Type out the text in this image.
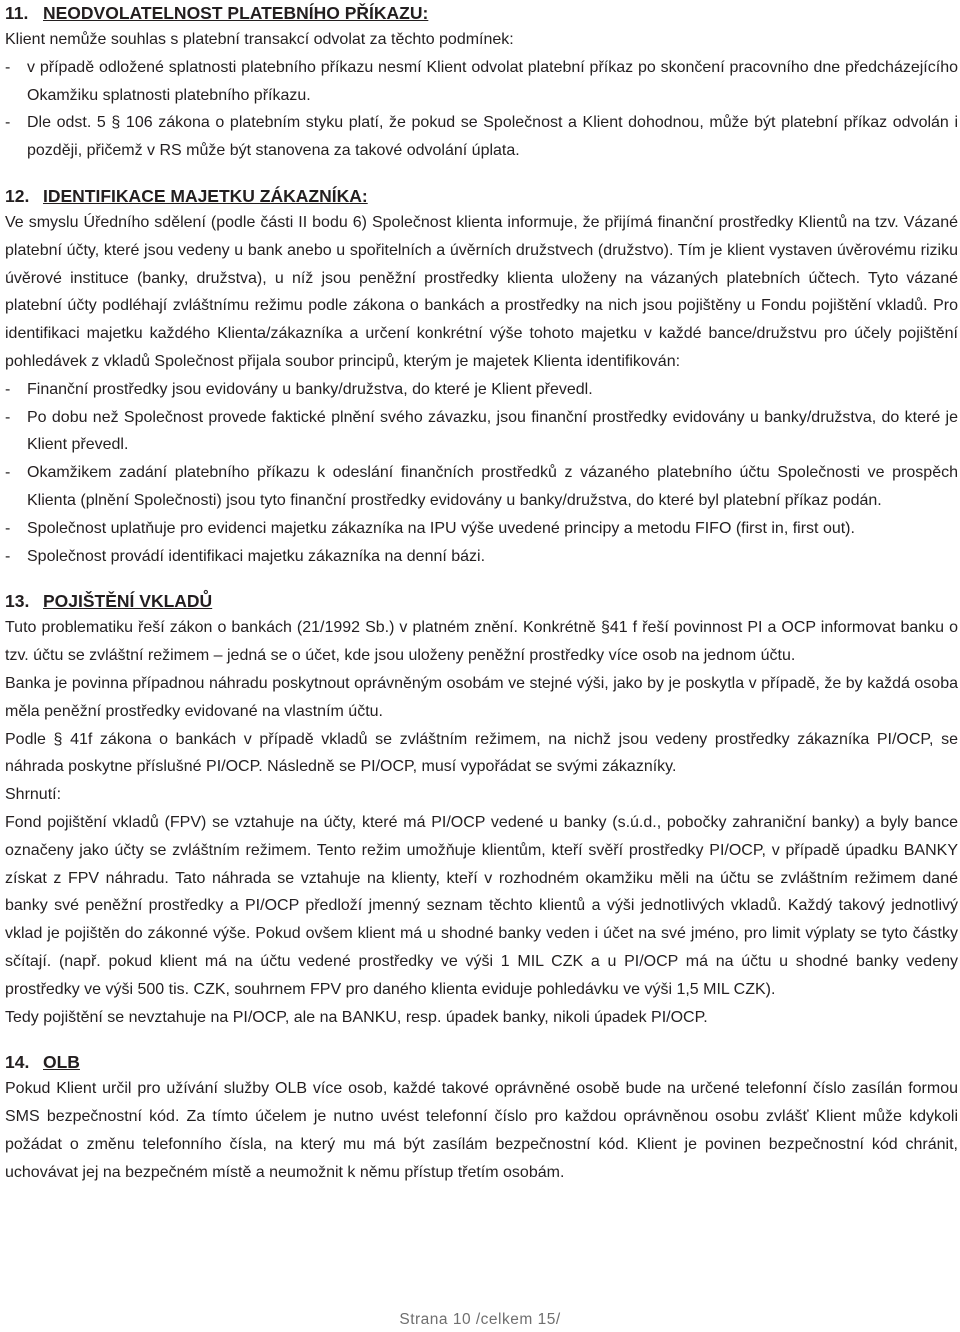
11. NEODVOLATELNOST PLATEBNÍHO PŘÍKAZU:

Klient nemůže souhlas s platební transakcí odvolat za těchto podmínek:

- v případě odložené splatnosti platebního příkazu nesmí Klient odvolat platební příkaz po skončení pracovního dne předcházejícího Okamžiku splatnosti platebního příkazu.
- Dle odst. 5 § 106 zákona o platebním styku platí, že pokud se Společnost a Klient dohodnou, může být platební příkaz odvolán i později, přičemž v RS může být stanovena za takové odvolání úplata.
12. IDENTIFIKACE MAJETKU ZÁKAZNÍKA:

Ve smyslu Úředního sdělení (podle části II bodu 6) Společnost klienta informuje, že přijímá finanční prostředky Klientů na tzv. Vázané platební účty, které jsou vedeny u bank anebo u spořitelních a úvěrních družstvech (družstvo). Tím je klient vystaven úvěrovému riziku úvěrové instituce (banky, družstva), u níž jsou peněžní prostředky klienta uloženy na vázaných platebních účtech. Tyto vázané platební účty podléhají zvláštnímu režimu podle zákona o bankách a prostředky na nich jsou pojištěny u Fondu pojištění vkladů. Pro identifikaci majetku každého Klienta/zákazníka a určení konkrétní výše tohoto majetku v každé bance/družstvu pro účely pojištění pohledávek z vkladů Společnost přijala soubor principů, kterým je majetek Klienta identifikován:

- Finanční prostředky jsou evidovány u banky/družstva, do které je Klient převedl.
- Po dobu než Společnost provede faktické plnění svého závazku, jsou finanční prostředky evidovány u banky/družstva, do které je Klient převedl.
- Okamžikem zadání platebního příkazu k odeslání finančních prostředků z vázaného platebního účtu Společnosti ve prospěch Klienta (plnění Společnosti) jsou tyto finanční prostředky evidovány u banky/družstva, do které byl platební příkaz podán.
- Společnost uplatňuje pro evidenci majetku zákazníka na IPU výše uvedené principy a metodu FIFO (first in, first out).
- Společnost provádí identifikaci majetku zákazníka na denní bázi.
13. POJIŠTĚNÍ VKLADŮ

Tuto problematiku řeší zákon o bankách (21/1992 Sb.) v platném znění. Konkrétně §41 f řeší povinnost PI a OCP informovat banku o tzv. účtu se zvláštní režimem – jedná se o účet, kde jsou uloženy peněžní prostředky více osob na jednom účtu.

Banka je povinna případnou náhradu poskytnout oprávněným osobám ve stejné výši, jako by je poskytla v případě, že by každá osoba měla peněžní prostředky evidované na vlastním účtu.

Podle § 41f zákona o bankách v případě vkladů se zvláštním režimem, na nichž jsou vedeny prostředky zákazníka PI/OCP, se náhrada poskytne příslušné PI/OCP. Následně se PI/OCP, musí vypořádat se svými zákazníky.

Shrnutí:

Fond pojištění vkladů (FPV) se vztahuje na účty, které má PI/OCP vedené u banky (s.ú.d., pobočky zahraniční banky) a byly bance označeny jako účty se zvláštním režimem. Tento režim umožňuje klientům, kteří svěří prostředky PI/OCP, v případě úpadku BANKY získat z FPV náhradu. Tato náhrada se vztahuje na klienty, kteří v rozhodném okamžiku měli na účtu se zvláštním režimem dané banky své peněžní prostředky a PI/OCP předloží jmenný seznam těchto klientů a výši jednotlivých vkladů. Každý takový jednotlivý vklad je pojištěn do zákonné výše. Pokud ovšem klient má u shodné banky veden i účet na své jméno, pro limit výplaty se tyto částky sčítají. (např. pokud klient má na účtu vedené prostředky ve výši 1 MIL CZK a u PI/OCP má na účtu u shodné banky vedeny prostředky ve výši 500 tis. CZK, souhrnem FPV pro daného klienta eviduje pohledávku ve výši 1,5 MIL CZK).

Tedy pojištění se nevztahuje na PI/OCP, ale na BANKU, resp. úpadek banky, nikoli úpadek PI/OCP.

14. OLB

Pokud Klient určil pro užívání služby OLB více osob, každé takové oprávněné osobě bude na určené telefonní číslo zasílán formou SMS bezpečnostní kód. Za tímto účelem je nutno uvést telefonní číslo pro každou oprávněnou osobu zvlášť Klient může kdykoli požádat o změnu telefonního čísla, na který mu má být zasílám bezpečnostní kód. Klient je povinen bezpečnostní kód chránit, uchovávat jej na bezpečném místě a neumožnit k němu přístup třetím osobám.

Strana 10 /celkem 15/
